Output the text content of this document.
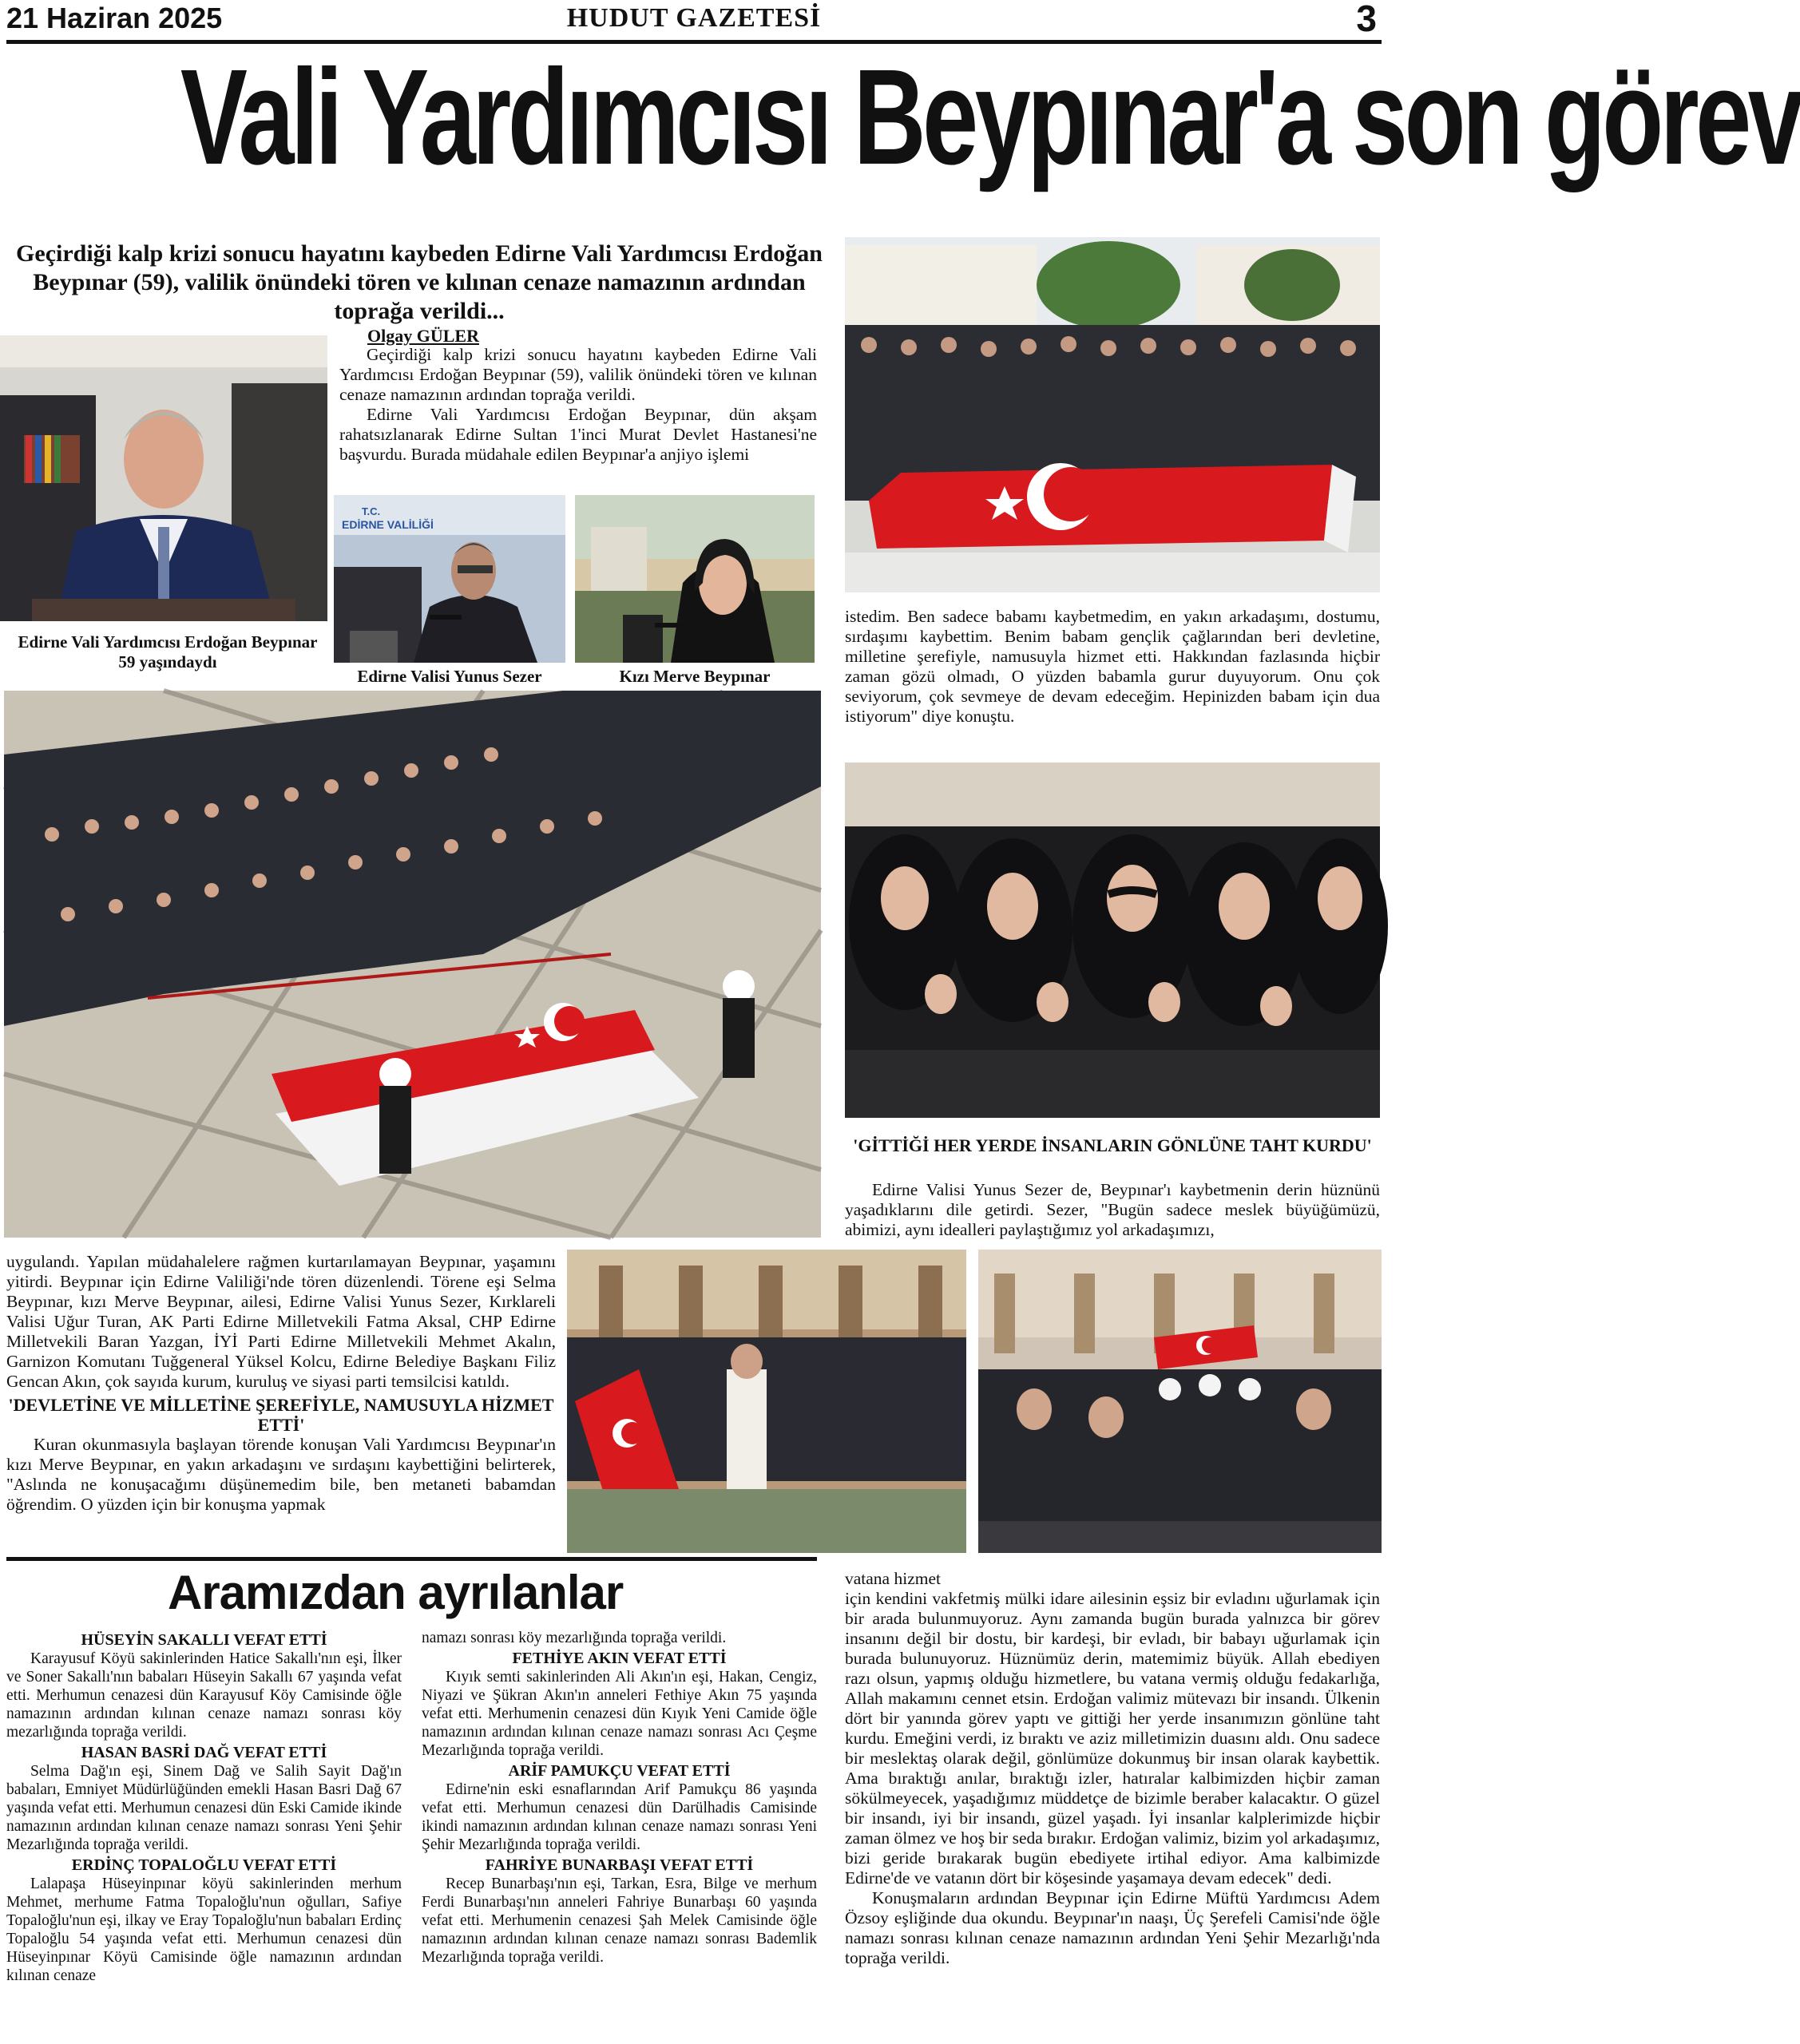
21 Haziran 2025	HUDUT GAZETESİ	3
Vali Yardımcısı Beypınar'a son görev
Geçirdiği kalp krizi sonucu hayatını kaybeden Edirne Vali Yardımcısı Erdoğan Beypınar (59), valilik önündeki tören ve kılınan cenaze namazının ardından toprağa verildi...
Olgay GÜLER

Geçirdiği kalp krizi sonucu hayatını kaybeden Edirne Vali Yardımcısı Erdoğan Beypınar (59), valilik önündeki tören ve kılınan cenaze namazının ardından toprağa verildi.

Edirne Vali Yardımcısı Erdoğan Beypınar, dün akşam rahatsızlanarak Edirne Sultan 1'inci Murat Devlet Hastanesi'ne başvurdu. Burada müdahale edilen Beypınar'a anjiyo işlemi

T.C.
EDİRNE VALİLİĞİ
Edirne Vali Yardımcısı Erdoğan Beypınar 59 yaşındaydı
Edirne Valisi Yunus Sezer	Kızı Merve Beypınar

istedim. Ben sadece babamı kaybetmedim, en yakın arkadaşımı, dostumu, sırdaşımı kaybettim. Benim babam gençlik çağlarından beri devletine, milletine şerefiyle, namusuyla hizmet etti. Hakkından fazlasında hiçbir zaman gözü olmadı, O yüzden babamla gurur duyuyorum. Onu çok seviyorum, çok sevmeye de devam edeceğim. Hepinizden babam için dua istiyorum" diye konuştu.

'GİTTİĞİ HER YERDE İNSANLARIN GÖNLÜNE TAHT KURDU'

Edirne Valisi Yunus Sezer de, Beypınar'ı kaybetmenin derin hüznünü yaşadıklarını dile getirdi. Sezer, "Bugün sadece meslek büyüğümüzü, abimizi, aynı idealleri paylaştığımız yol arkadaşımızı,

uygulandı. Yapılan müdahalelere rağmen kurtarılamayan Beypınar, yaşamını yitirdi. Beypınar için Edirne Valiliği'nde tören düzenlendi. Törene eşi Selma Beypınar, kızı Merve Beypınar, ailesi, Edirne Valisi Yunus Sezer, Kırklareli Valisi Uğur Turan, AK Parti Edirne Milletvekili Fatma Aksal, CHP Edirne Milletvekili Baran Yazgan, İYİ Parti Edirne Milletvekili Mehmet Akalın, Garnizon Komutanı Tuğgeneral Yüksel Kolcu, Edirne Belediye Başkanı Filiz Gencan Akın, çok sayıda kurum, kuruluş ve siyasi parti temsilcisi katıldı.

'DEVLETİNE VE MİLLETİNE ŞEREFİYLE, NAMUSUYLA HİZMET ETTİ'

Kuran okunmasıyla başlayan törende konuşan Vali Yardımcısı Beypınar'ın kızı Merve Beypınar, en yakın arkadaşını ve sırdaşını kaybettiğini belirterek, "Aslında ne konuşacağımı düşünemedim bile, ben metaneti babamdan öğrendim. O yüzden için bir konuşma yapmak

Aramızdan ayrılanlar
HÜSEYİN SAKALLI VEFAT ETTİ

Karayusuf Köyü sakinlerinden Hatice Sakallı'nın eşi, İlker ve Soner Sakallı'nın babaları Hüseyin Sakallı 67 yaşında vefat etti. Merhumun cenazesi dün Karayusuf Köy Camisinde öğle namazının ardından kılınan cenaze namazı sonrası köy mezarlığında toprağa verildi.

HASAN BASRİ DAĞ VEFAT ETTİ

Selma Dağ'ın eşi, Sinem Dağ ve Salih Sayit Dağ'ın babaları, Emniyet Müdürlüğünden emekli Hasan Basri Dağ 67 yaşında vefat etti. Merhumun cenazesi dün Eski Camide ikinde namazının ardından kılınan cenaze namazı sonrası Yeni Şehir Mezarlığında toprağa verildi.

ERDİNÇ TOPALOĞLU VEFAT ETTİ

Lalapaşa Hüseyinpınar köyü sakinlerinden merhum Mehmet, merhume Fatma Topaloğlu'nun oğulları, Safiye Topaloğlu'nun eşi, ilkay ve Eray Topaloğlu'nun babaları Erdinç Topaloğlu 54 yaşında vefat etti. Merhumun cenazesi dün Hüseyinpınar Köyü Camisinde öğle namazının ardından kılınan cenaze

namazı sonrası köy mezarlığında toprağa verildi.

FETHİYE AKIN VEFAT ETTİ

Kıyık semti sakinlerinden Ali Akın'ın eşi, Hakan, Cengiz, Niyazi ve Şükran Akın'ın anneleri Fethiye Akın 75 yaşında vefat etti. Merhumenin cenazesi dün Kıyık Yeni Camide öğle namazının ardından kılınan cenaze namazı sonrası Acı Çeşme Mezarlığında toprağa verildi.

ARİF PAMUKÇU VEFAT ETTİ

Edirne'nin eski esnaflarından Arif Pamukçu 86 yaşında vefat etti. Merhumun cenazesi dün Darülhadis Camisinde ikindi namazının ardından kılınan cenaze namazı sonrası Yeni Şehir Mezarlığında toprağa verildi.

FAHRİYE BUNARBAŞI VEFAT ETTİ

Recep Bunarbaşı'nın eşi, Tarkan, Esra, Bilge ve merhum Ferdi Bunarbaşı'nın anneleri Fahriye Bunarbaşı 60 yaşında vefat etti. Merhumenin cenazesi Şah Melek Camisinde öğle namazının ardından kılınan cenaze namazı sonrası Bademlik Mezarlığında toprağa verildi.

vatana hizmet

için kendini vakfetmiş mülki idare ailesinin eşsiz bir evladını uğurlamak için bir arada bulunmuyoruz. Aynı zamanda bugün burada yalnızca bir görev insanını değil bir dostu, bir kardeşi, bir evladı, bir babayı uğurlamak için burada bulunuyoruz. Hüznümüz derin, matemimiz büyük. Allah ebediyen razı olsun, yapmış olduğu hizmetlere, bu vatana vermiş olduğu fedakarlığa, Allah makamını cennet etsin. Erdoğan valimiz mütevazı bir insandı. Ülkenin dört bir yanında görev yaptı ve gittiği her yerde insanımızın gönlüne taht kurdu. Emeğini verdi, iz bıraktı ve aziz milletimizin duasını aldı. Onu sadece bir meslektaş olarak değil, gönlümüze dokunmuş bir insan olarak kaybettik. Ama bıraktığı anılar, bıraktığı izler, hatıralar kalbimizden hiçbir zaman sökülmeyecek, yaşadığımız müddetçe de bizimle beraber kalacaktır. O güzel bir insandı, iyi bir insandı, güzel yaşadı. İyi insanlar kalplerimizde hiçbir zaman ölmez ve hoş bir seda bırakır. Erdoğan valimiz, bizim yol arkadaşımız, bizi geride bırakarak bugün ebediyete irtihal ediyor. Ama kalbimizde Edirne'de ve vatanın dört bir köşesinde yaşamaya devam edecek" dedi.

Konuşmaların ardından Beypınar için Edirne Müftü Yardımcısı Adem Özsoy eşliğinde dua okundu. Beypınar'ın naaşı, Üç Şerefeli Camisi'nde öğle namazı sonrası kılınan cenaze namazının ardından Yeni Şehir Mezarlığı'nda toprağa verildi.
